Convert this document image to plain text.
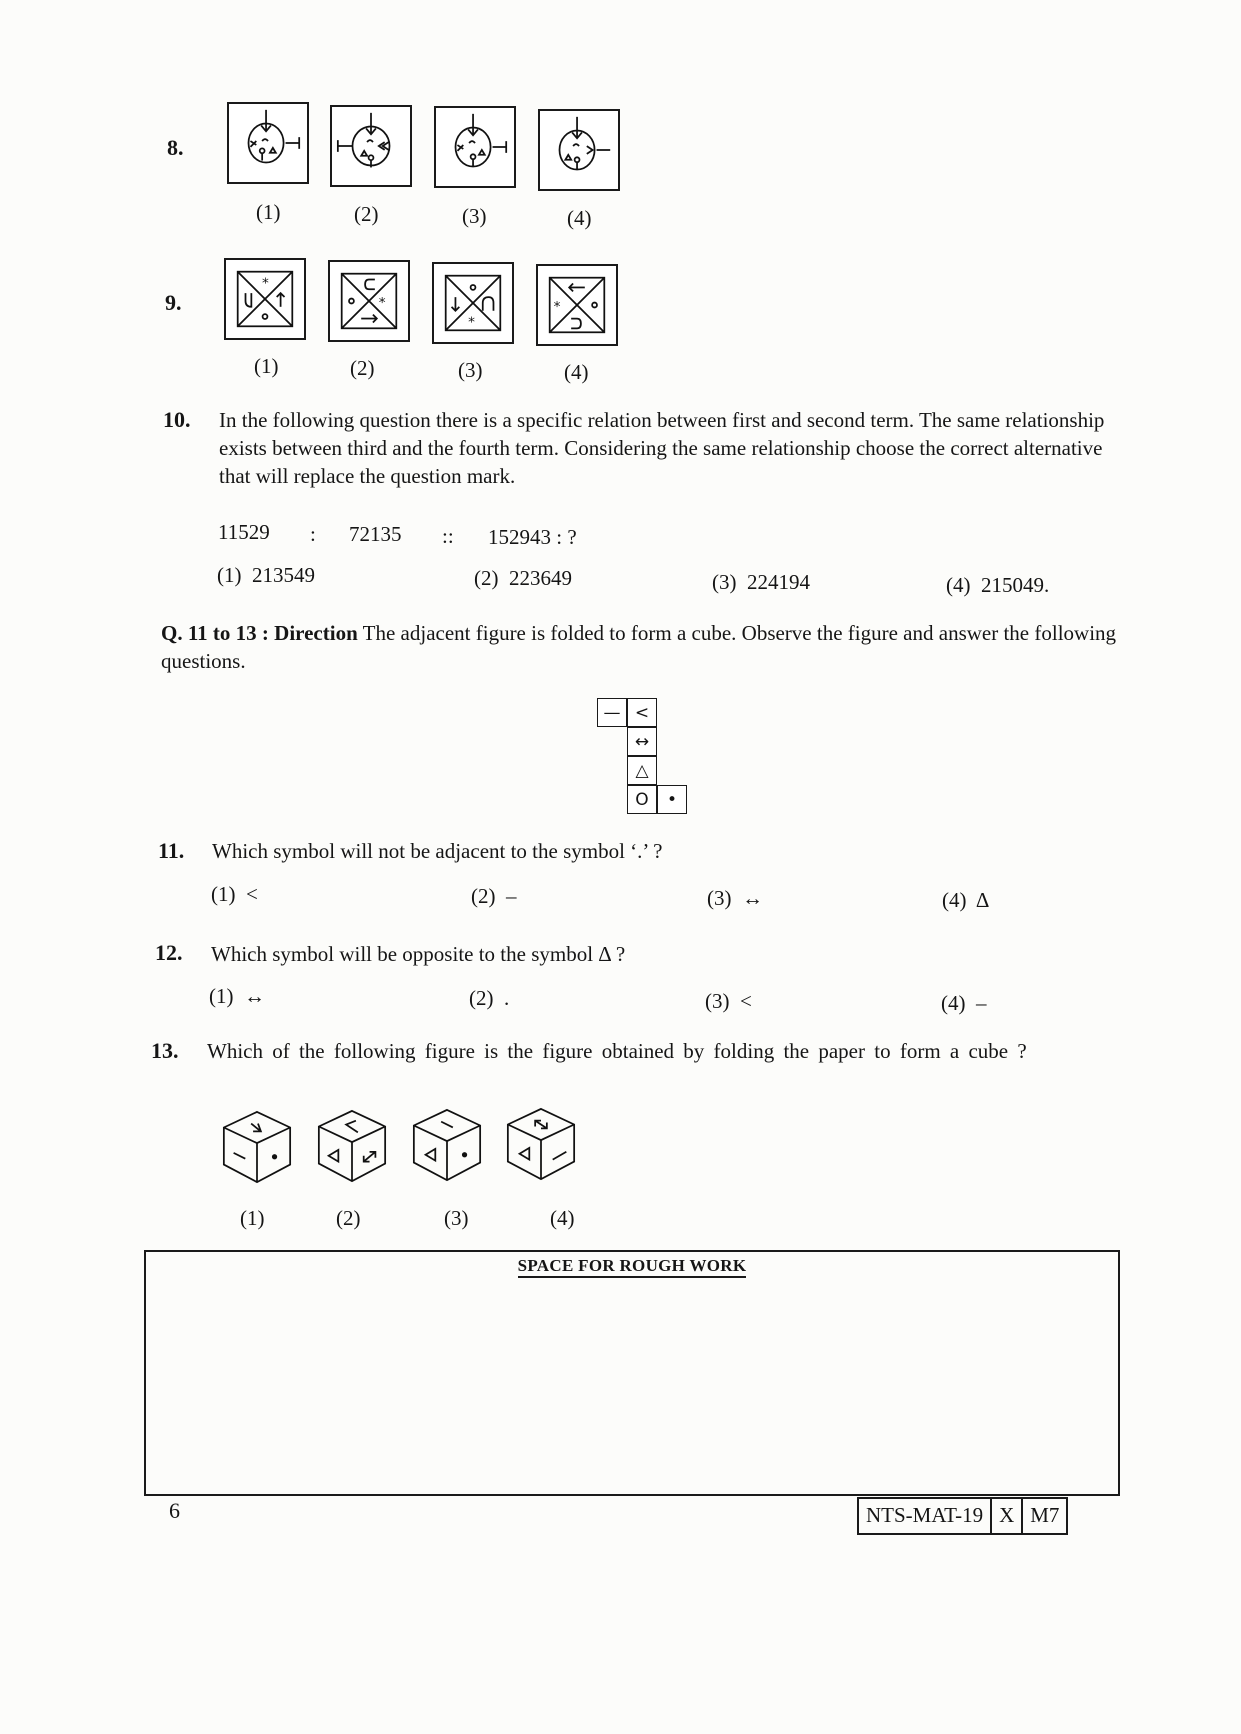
8.
(1)	(2)	(3)	(4)
9.
*
*
*
*
(1)	(2)	(3)	(4)
10. In the following question there is a specific relation between first and second term. The same relationship exists between third and the fourth term. Considering the same relationship choose the correct alternative that will replace the question mark.
11529 : 72135 :: 152943 : ?
(1)  213549	(2)  223649	(3)  224194	(4)  215049.
Q. 11 to 13 : Direction The adjacent figure is folded to form a cube. Observe the figure and answer the following questions.
— <
↔
△
O	•
11. Which symbol will not be adjacent to the symbol ‘.’ ?
(1)  <	(2)  –	(3)  ↔	(4)  Δ
12. Which symbol will be opposite to the symbol Δ ?
(1)  ↔	(2)  .	(3)  <	(4)  –
13. Which of the following figure is the figure obtained by folding the paper to form a cube ?
(1)	(2)	(3)	(4)
SPACE FOR ROUGH WORK
6	NTS-MAT-19 X M7
